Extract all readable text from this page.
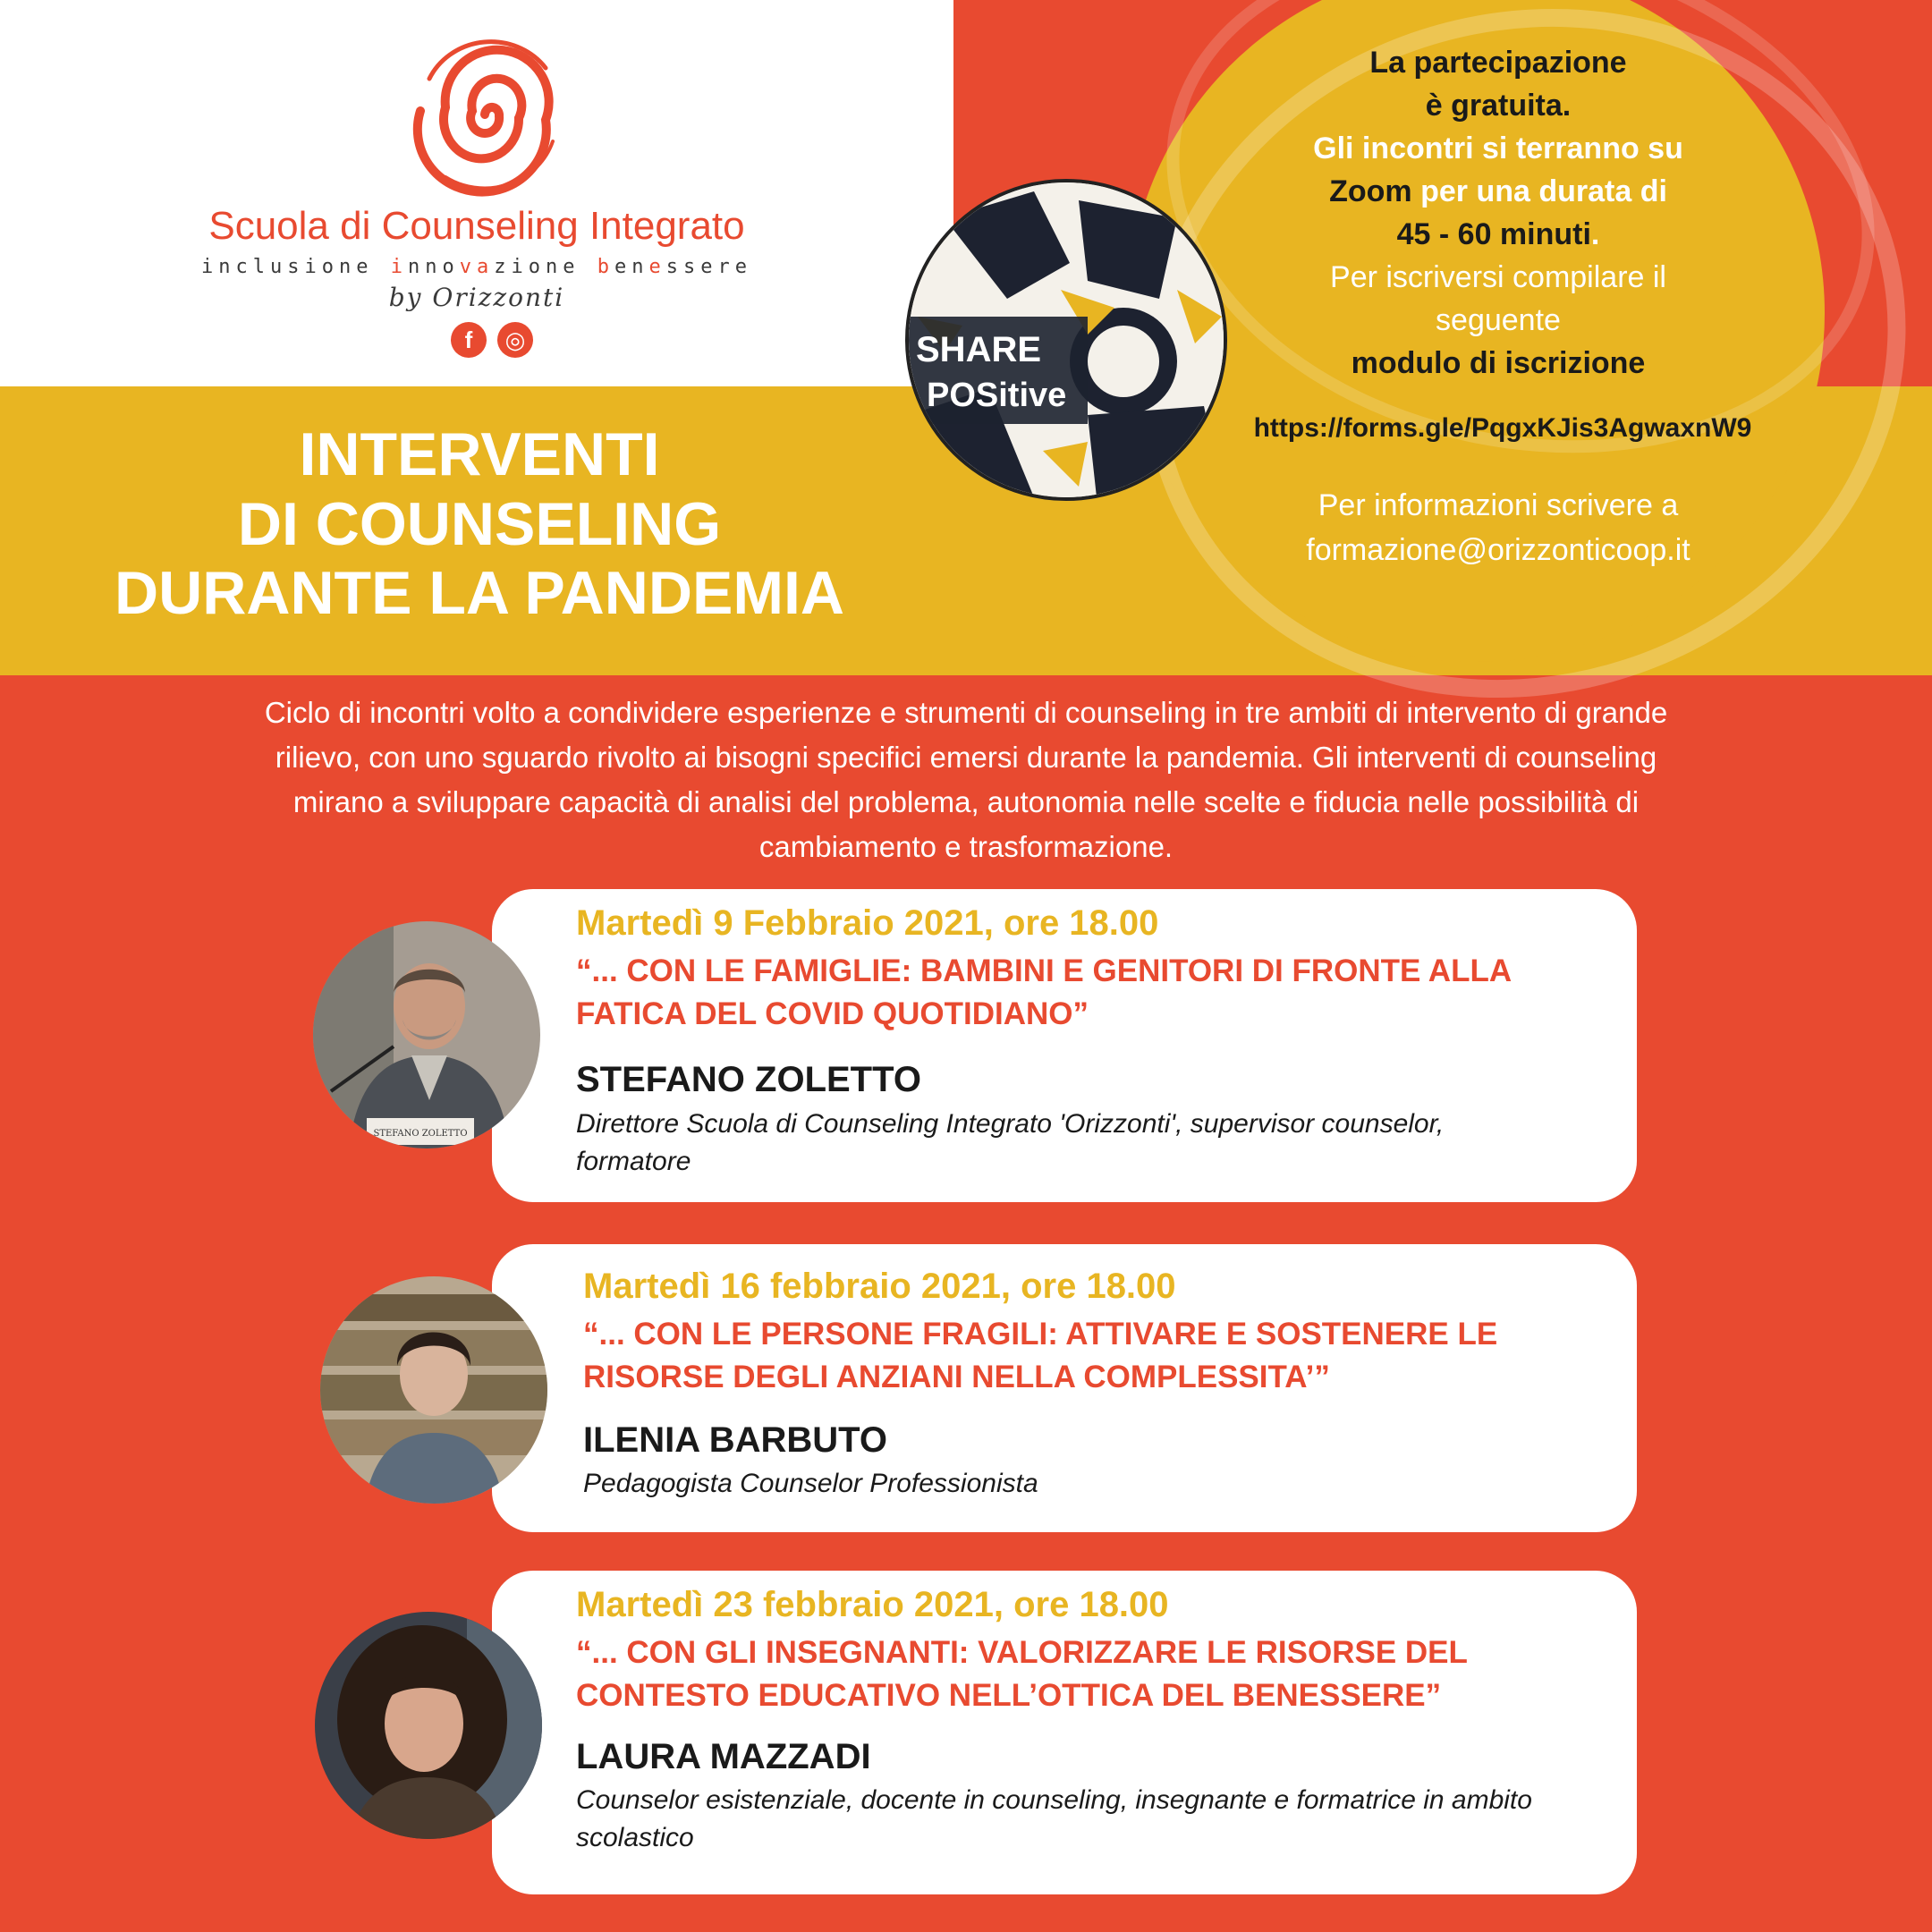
Scuola di Counseling Integrato
inclusione innovazione benessere
by Orizzonti
f	◎
INTERVENTI
DI COUNSELING
DURANTE LA PANDEMIA
SHARE
POSitive
La partecipazione
è gratuita.
Gli incontri si terranno su
Zoom per una durata di
45 - 60 minuti.
Per iscriversi compilare il
seguente
modulo di iscrizione
https://forms.gle/PqgxKJis3AgwaxnW9
Per informazioni scrivere a
formazione@orizzonticoop.it
Ciclo di incontri volto a condividere esperienze e strumenti di counseling in tre ambiti di intervento di grande
rilievo, con uno sguardo rivolto ai bisogni specifici emersi durante la pandemia. Gli interventi di counseling
mirano a sviluppare capacità di analisi del problema, autonomia nelle scelte e fiducia nelle possibilità di
cambiamento e trasformazione.
STEFANO ZOLETTO
Martedì 9 Febbraio 2021, ore 18.00
“... CON LE FAMIGLIE: BAMBINI E GENITORI DI FRONTE ALLA
FATICA DEL COVID QUOTIDIANO”
STEFANO ZOLETTO
Direttore Scuola di Counseling Integrato 'Orizzonti', supervisor counselor,
formatore
Martedì 16 febbraio 2021, ore 18.00
“... CON LE PERSONE FRAGILI: ATTIVARE E SOSTENERE LE
RISORSE DEGLI ANZIANI NELLA COMPLESSITA’”
ILENIA BARBUTO
Pedagogista Counselor Professionista
Martedì 23 febbraio 2021, ore 18.00
“... CON GLI INSEGNANTI: VALORIZZARE LE RISORSE DEL
CONTESTO EDUCATIVO NELL’OTTICA DEL BENESSERE”
LAURA MAZZADI
Counselor esistenziale, docente in counseling, insegnante e formatrice in ambito
scolastico
